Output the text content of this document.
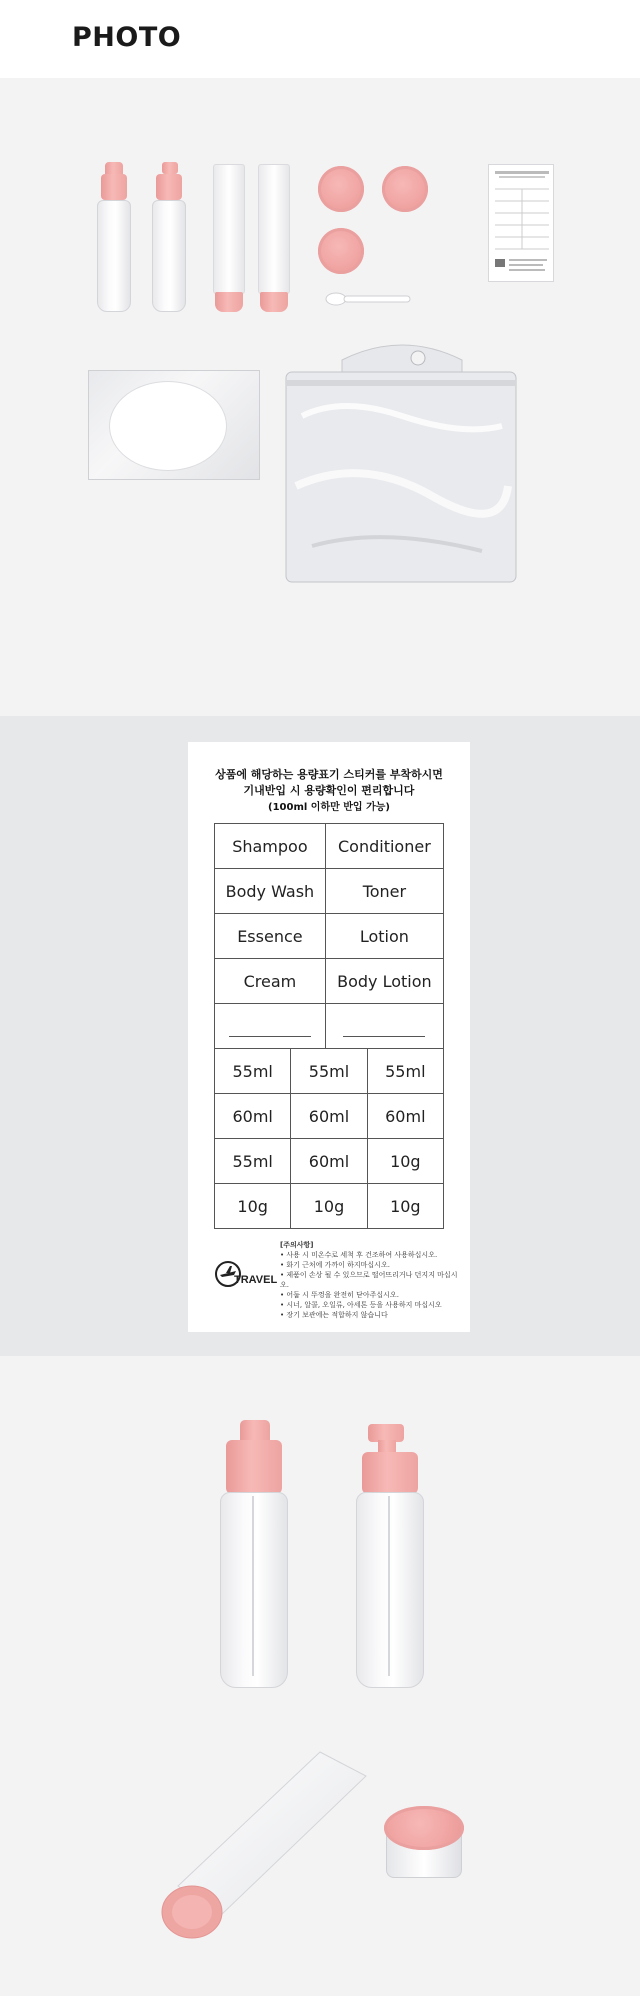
PHOTO
상품에 해당하는 용량표기 스티커를 부착하시면
기내반입 시 용량확인이 편리합니다
(100ml 이하만 반입 가능)
Shampoo	Conditioner
Body Wash	Toner
Essence	Lotion
Cream	Body Lotion

55ml	55ml	55ml
60ml	60ml	60ml
55ml	60ml	10g
10g	10g	10g
TRAVEL
[주의사항]
• 사용 시 미온수로 세척 후 건조하여 사용하십시오.
• 화기 근처에 가까이 하지마십시오.
• 제품이 손상 될 수 있으므로 떨어뜨리거나 던지지 마십시오.
• 어둡 시 뚜껑을 완전히 닫아주십시오.
• 시너, 알콜, 오일류, 아세톤 등을 사용하지 마십시오
• 장기 보관에는 적합하지 않습니다
